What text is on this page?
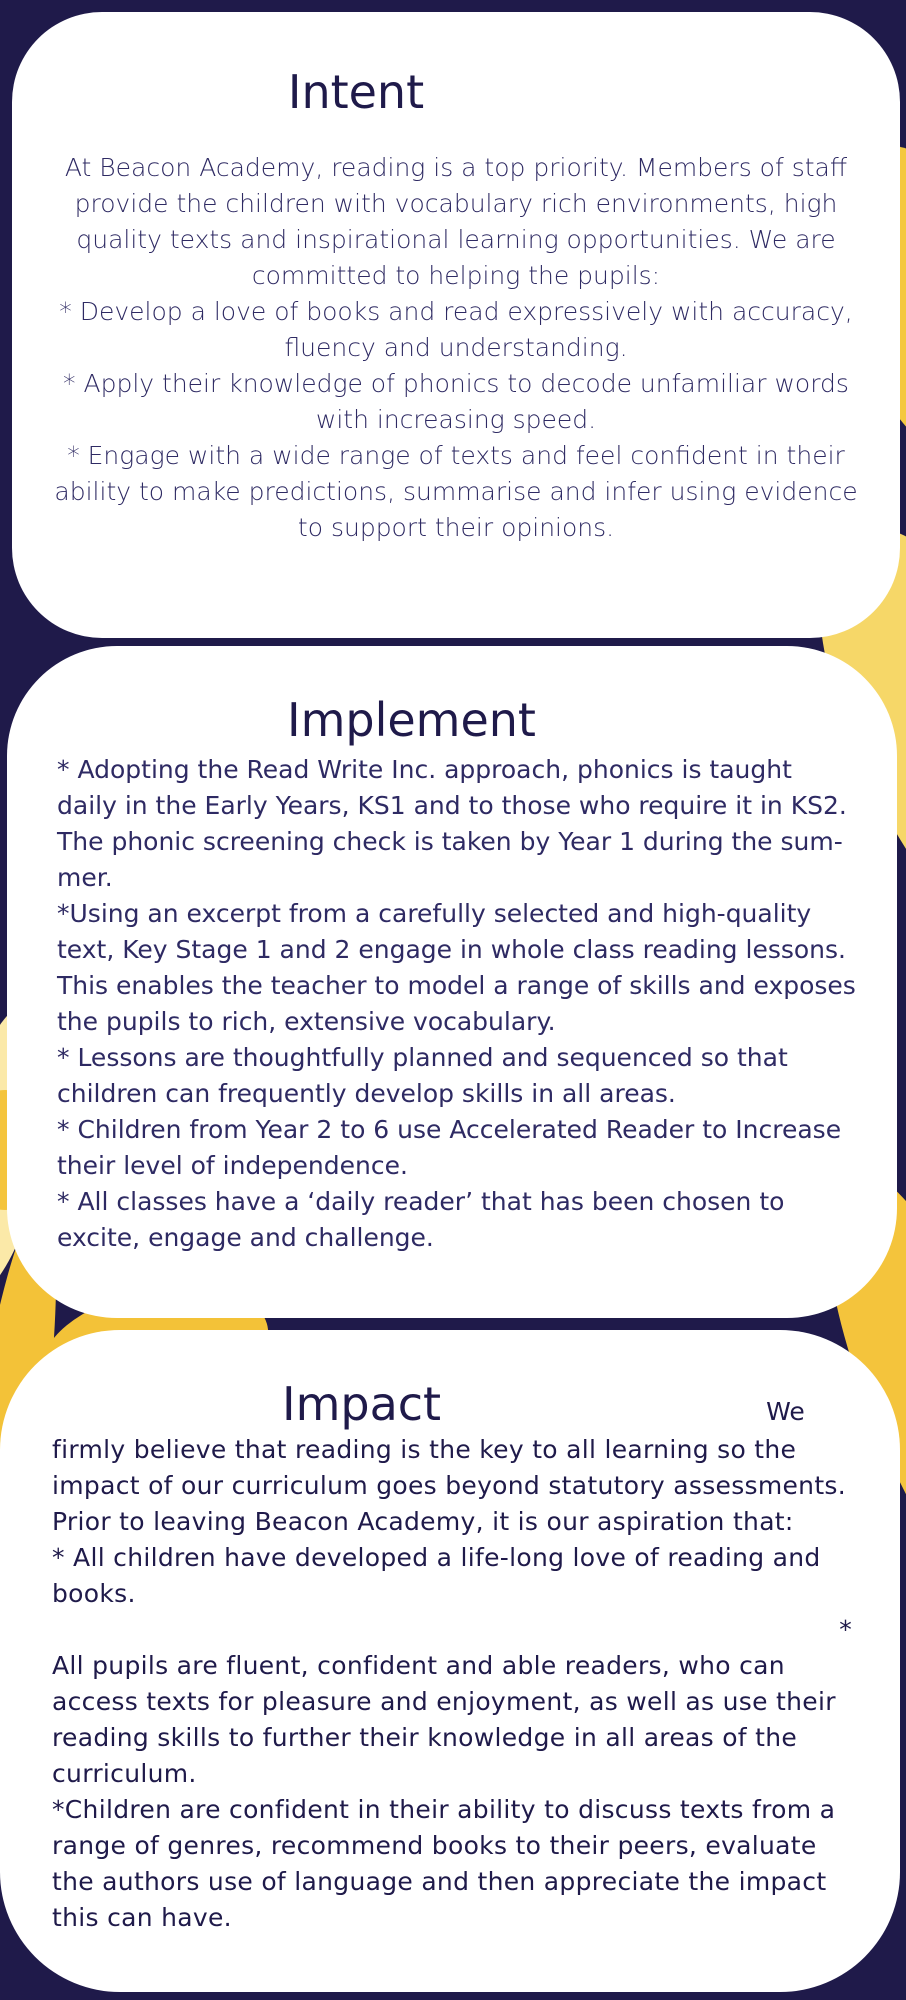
Intent

At Beacon Academy, reading is a top priority. Members of staff provide the children with vocabulary rich environments, high quality texts and inspirational learning opportunities. We are committed to helping the pupils:

* Develop a love of books and read expressively with accuracy, fluency and understanding.

* Apply their knowledge of phonics to decode unfamiliar words with increasing speed.

* Engage with a wide range of texts and feel confident in their ability to make predictions, summarise and infer using evidence to support their opinions.

Implement

* Adopting the Read Write Inc. approach, phonics is taught daily in the Early Years, KS1 and to those who require it in KS2. The phonic screening check is taken by Year 1 during the sum-mer.

*Using an excerpt from a carefully selected and high-quality text, Key Stage 1 and 2 engage in whole class reading lessons. This enables the teacher to model a range of skills and exposes the pupils to rich, extensive vocabulary.

* Lessons are thoughtfully planned and sequenced so that children can frequently develop skills in all areas.

* Children from Year 2 to 6 use Accelerated Reader to Increase their level of independence.

* All classes have a ‘daily reader’ that has been chosen to excite, engage and challenge.

Impact	We

firmly believe that reading is the key to all learning so the impact of our curriculum goes beyond statutory assessments. Prior to leaving Beacon Academy, it is our aspiration that:

* All children have developed a life-long love of reading and books.

*

All pupils are fluent, confident and able readers, who can access texts for pleasure and enjoyment, as well as use their reading skills to further their knowledge in all areas of the curriculum.

*Children are confident in their ability to discuss texts from a range of genres, recommend books to their peers, evaluate the authors use of language and then appreciate the impact this can have.
